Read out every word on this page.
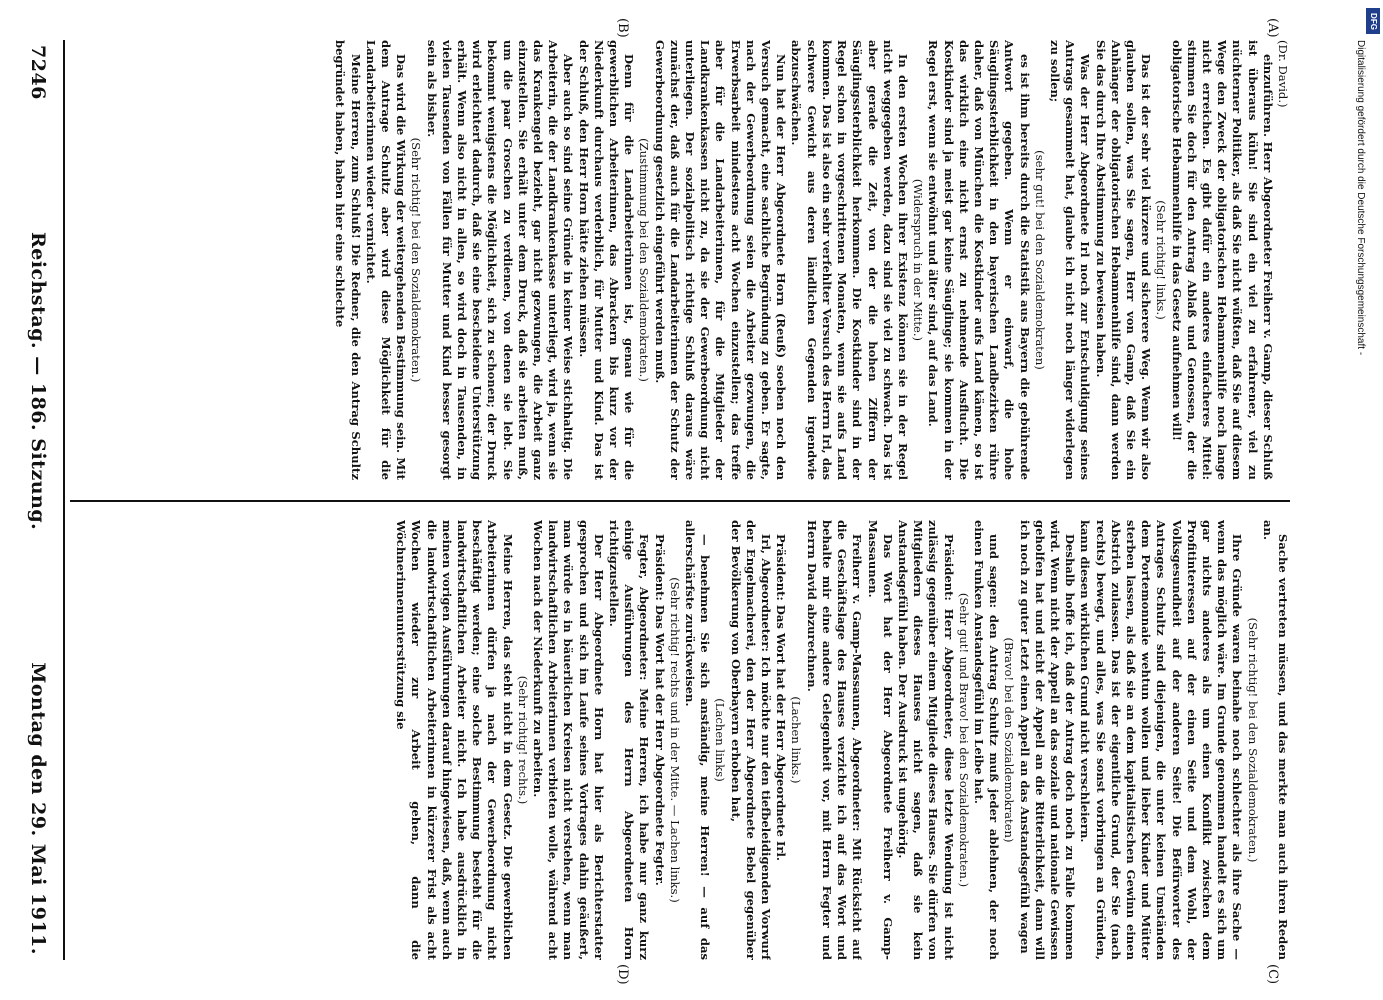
7246
Reichstag. — 186. Sitzung.
Montag den 29. Mai 1911.
(A)
(B)
(C)
(D)

(Dr. David.)

einzuführen. Herr Abgeordneter Freiherr v. Gamp, dieser Schluß ist überaus kühn! Sie sind ein viel zu erfahrener, viel zu nüchterner Politiker, als daß Sie nicht wüßten, daß Sie auf diesem Wege den Zweck der obligatorischen Hebammenhilfe noch lange nicht erreichen. Es gibt dafür ein anderes einfacheres Mittel: stimmen Sie doch für den Antrag Ablaß und Genossen, der die obligatorische Hebammenhilfe in das Gesetz aufnehmen will!

(Sehr richtig! links.)

Das ist der sehr viel kürzere und sicherere Weg. Wenn wir also glauben sollen, was Sie sagen, Herr von Gamp, daß Sie ein Anhänger der obligatorischen Hebammenhilfe sind, dann werden Sie das durch Ihre Abstimmung zu beweisen haben.

Was der Herr Abgeordnete Irl noch zur Entschuldigung seines Antrags gesammelt hat, glaube ich nicht noch länger widerlegen zu sollen;

(sehr gut! bei den Sozialdemokraten)

es ist ihm bereits durch die Statistik aus Bayern die gebührende Antwort gegeben. Wenn er einwarf, die hohe Säuglingssterblichkeit in den bayerischen Landbezirken rühre daher, daß von München die Kostkinder aufs Land kämen, so ist das wirklich eine nicht ernst zu nehmende Ausflucht. Die Kostkinder sind ja meist gar keine Säuglinge; sie kommen in der Regel erst, wenn sie entwöhnt und älter sind, auf das Land.

(Widerspruch in der Mitte.)

In den ersten Wochen ihrer Existenz können sie in der Regel nicht weggegeben werden, dazu sind sie viel zu schwach. Das ist aber gerade die Zeit, von der die hohen Ziffern der Säuglingssterblichkeit herkommen. Die Kostkinder sind in der Regel schon in vorgeschrittenen Monaten, wenn sie aufs Land kommen. Das ist also ein sehr verfehlter Versuch des Herrn Irl, das schwere Gewicht aus deren ländlichen Gegenden irgendwie abzuschwächen.

Nun hat der Herr Abgeordnete Horn (Reuß) soeben noch den Versuch gemacht, eine sachliche Begründung zu geben. Er sagte, nach der Gewerbeordnung seien die Arbeiter gezwungen, die Erwerbsarbeit mindestens acht Wochen einzustellen; das treffe aber für die Landarbeiterinnen, für die Mitglieder der Landkrankenkassen nicht zu, da sie der Gewerbeordnung nicht unterliegen. Der sozialpolitisch richtige Schluß daraus wäre zunächst der, daß auch für die Landarbeiterinnen der Schutz der Gewerbeordnung gesetzlich eingeführt werden muß.

(Zustimmung bei den Sozialdemokraten.)

Denn für die Landarbeiterinnen ist, genau wie für die gewerblichen Arbeiterinnen, das Abrackern bis kurz vor der Niederkunft durchaus verderblich, für Mutter und Kind. Das ist der Schluß, den Herr Horn hätte ziehen müssen.

Aber auch so sind seine Gründe in keiner Weise stichhaltig. Die Arbeiterin, die der Landkrankenkasse unterliegt, wird ja, wenn sie das Krankengeld bezieht, gar nicht gezwungen, die Arbeit ganz einzustellen. Sie erhält unter dem Druck, daß sie arbeiten muß, um die paar Groschen zu verdienen, von denen sie lebt. Sie bekommt wenigstens die Möglichkeit, sich zu schonen; der Druck wird erleichtert dadurch, daß sie eine bescheidene Unterstützung erhält. Wenn also nicht in allen, so wird doch in Tausenden, in vielen Tausenden von Fällen für Mutter und Kind besser gesorgt sein als bisher.

(Sehr richtig! bei den Sozialdemokraten.)

Das wird die Wirkung der weitergehenden Bestimmung sein. Mit dem Antrage Schultz aber wird diese Möglichkeit für die Landarbeiterinnen wieder vernichtet.

Meine Herren, zum Schluß! Die Redner, die den Antrag Schultz begründet haben, haben hier eine schlechte

Sache vertreten müssen, und das merkte man auch ihren Reden an.

(Sehr richtig! bei den Sozialdemokraten.)

Ihre Gründe waren beinahe noch schlechter als ihre Sache — wenn das möglich wäre. Im Grunde genommen handelt es sich um gar nichts anderes als um einen Konflikt zwischen dem Profitinteressen auf der einen Seite und dem Wohl, der Volksgesundheit auf der anderen Seite! Die Befürworter des Antrages Schultz sind diejenigen, die unter keinen Umständen dem Portemonnaie wehtun wollen und lieber Kinder und Mütter sterben lassen, als daß sie an dem kapitalistischen Gewinn einen Abstrich zulassen. Das ist der eigentliche Grund, der Sie (nach rechts) bewegt, und alles, was Sie sonst vorbringen an Gründen, kann diesen wirklichen Grund nicht verschleiern.

Deshalb hoffe ich, daß der Antrag doch noch zu Falle kommen wird. Wenn nicht der Appell an das soziale und nationale Gewissen geholfen hat und nicht der Appell an die Ritterlichkeit, dann will ich noch zu guter Letzt einen Appell an das Anstandsgefühl wagen

(Bravo! bei den Sozialdemokraten)

und sagen: den Antrag Schultz muß jeder ablehnen, der noch einen Funken Anstandsgefühl im Leibe hat.

(Sehr gut! und Bravo! bei den Sozialdemokraten.)

Präsident: Herr Abgeordneter, diese letzte Wendung ist nicht zulässig gegenüber einem Mitgliede dieses Hauses. Sie dürfen von Mitgliedern dieses Hauses nicht sagen, daß sie kein Anstandsgefühl haben. Der Ausdruck ist ungehörig.

Das Wort hat der Herr Abgeordnete Freiherr v. Gamp-Massaunen.

Freiherr v. Gamp-Massaunen, Abgeordneter: Mit Rücksicht auf die Geschäftslage des Hauses verzichte ich auf das Wort und behalte mir eine andere Gelegenheit vor, mit Herrn Fegter und Herrn David abzurechnen.

(Lachen links.)

Präsident: Das Wort hat der Herr Abgeordnete Irl.

Irl, Abgeordneter: Ich möchte nur den tiefbeleidigenden Vorwurf der Engelmacherei, den der Herr Abgeordnete Bebel gegenüber der Bevölkerung von Oberbayern erhoben hat,

(Lachen links)

— benehmen Sie sich anständig, meine Herren! — auf das allerschärfste zurückweisen.

(Sehr richtig! rechts und in der Mitte. — Lachen links.)

Präsident: Das Wort hat der Herr Abgeordnete Fegter.

Fegter, Abgeordneter: Meine Herren, ich habe nur ganz kurz einige Ausführungen des Herrn Abgeordneten Horn richtigzustellen.

Der Herr Abgeordnete Horn hat hier als Berichterstatter gesprochen und sich im Laufe seines Vortrages dahin geäußert, man würde es in bäuerlichen Kreisen nicht verstehen, wenn man landwirtschaftlichen Arbeiterinnen verbieten wolle, während acht Wochen nach der Niederkunft zu arbeiten.

(Sehr richtig! rechts.)

Meine Herren, das steht nicht in dem Gesetz. Die gewerblichen Arbeiterinnen dürfen ja nach der Gewerbeordnung nicht beschäftigt werden; eine solche Bestimmung besteht für die landwirtschaftlichen Arbeiter nicht. Ich habe ausdrücklich in meinen vorigen Ausführungen darauf hingewiesen, daß, wenn auch die landwirtschaftlichen Arbeiterinnen in kürzerer Frist als acht Wochen wieder zur Arbeit gehen, dann die Wöchnerinnenunterstützung sie

DFG
Digitalisierung gefördert durch die Deutsche Forschungsgemeinschaft -
